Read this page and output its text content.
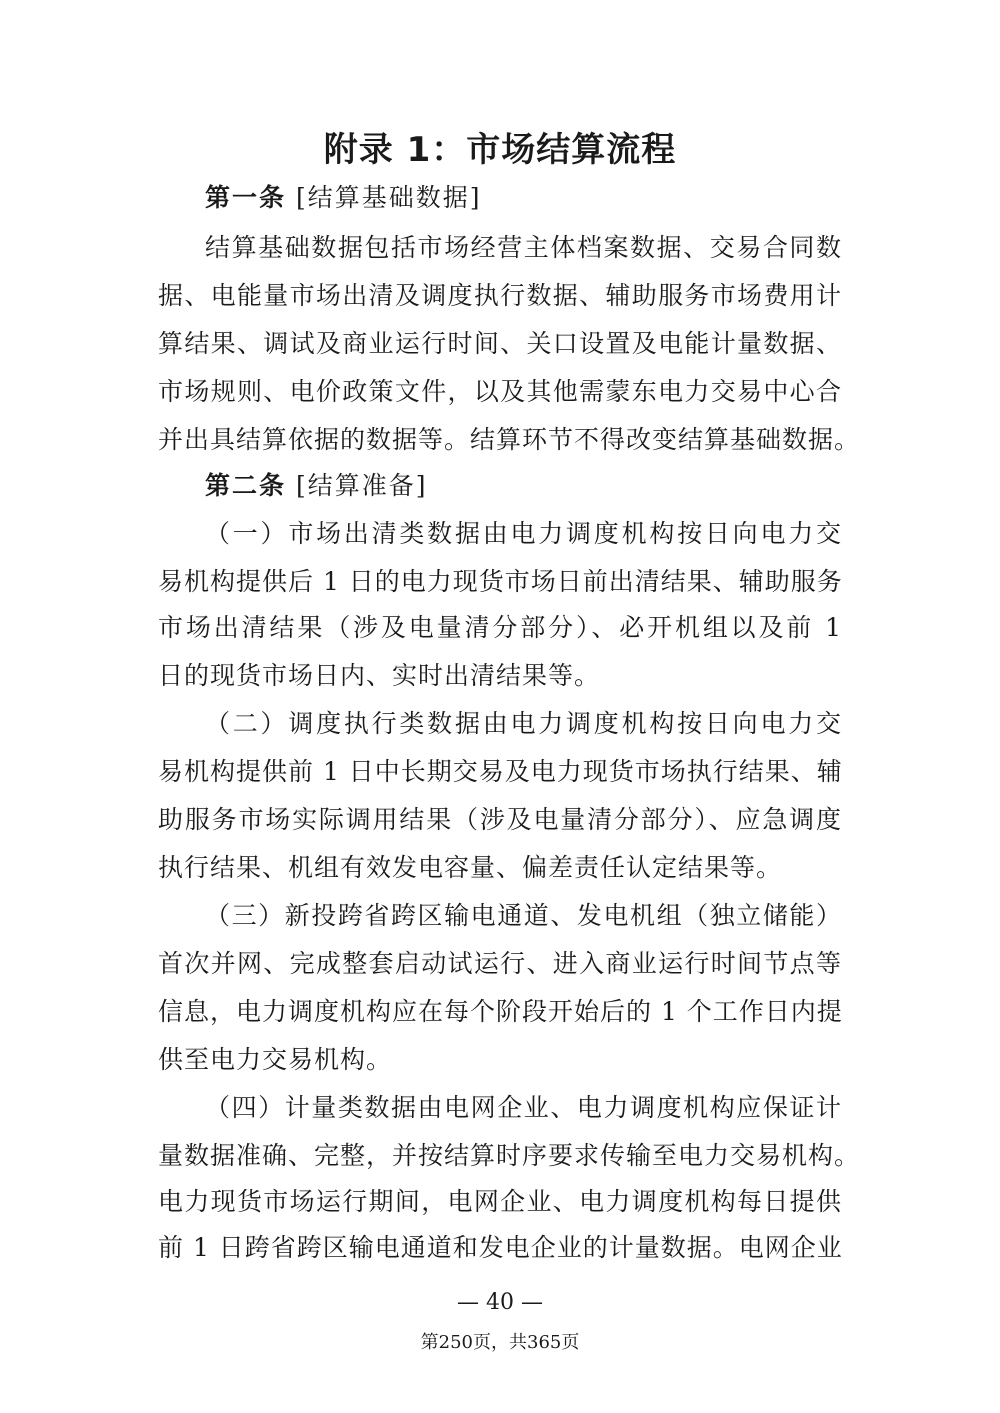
附录 1：市场结算流程
第一条 [结算基础数据]
结算基础数据包括市场经营主体档案数据、交易合同数
据、电能量市场出清及调度执行数据、辅助服务市场费用计
算结果、调试及商业运行时间、关口设置及电能计量数据、
市场规则、电价政策文件，以及其他需蒙东电力交易中心合
并出具结算依据的数据等。结算环节不得改变结算基础数据。
第二条 [结算准备]
（一）市场出清类数据由电力调度机构按日向电力交
易机构提供后 1 日的电力现货市场日前出清结果、辅助服务
市场出清结果（涉及电量清分部分）、必开机组以及前 1
日的现货市场日内、实时出清结果等。
（二）调度执行类数据由电力调度机构按日向电力交
易机构提供前 1 日中长期交易及电力现货市场执行结果、辅
助服务市场实际调用结果（涉及电量清分部分）、应急调度
执行结果、机组有效发电容量、偏差责任认定结果等。
（三）新投跨省跨区输电通道、发电机组（独立储能）
首次并网、完成整套启动试运行、进入商业运行时间节点等
信息，电力调度机构应在每个阶段开始后的 1 个工作日内提
供至电力交易机构。
（四）计量类数据由电网企业、电力调度机构应保证计
量数据准确、完整，并按结算时序要求传输至电力交易机构。
电力现货市场运行期间，电网企业、电力调度机构每日提供
前 1 日跨省跨区输电通道和发电企业的计量数据。电网企业
— 40 —
第250页，共365页
